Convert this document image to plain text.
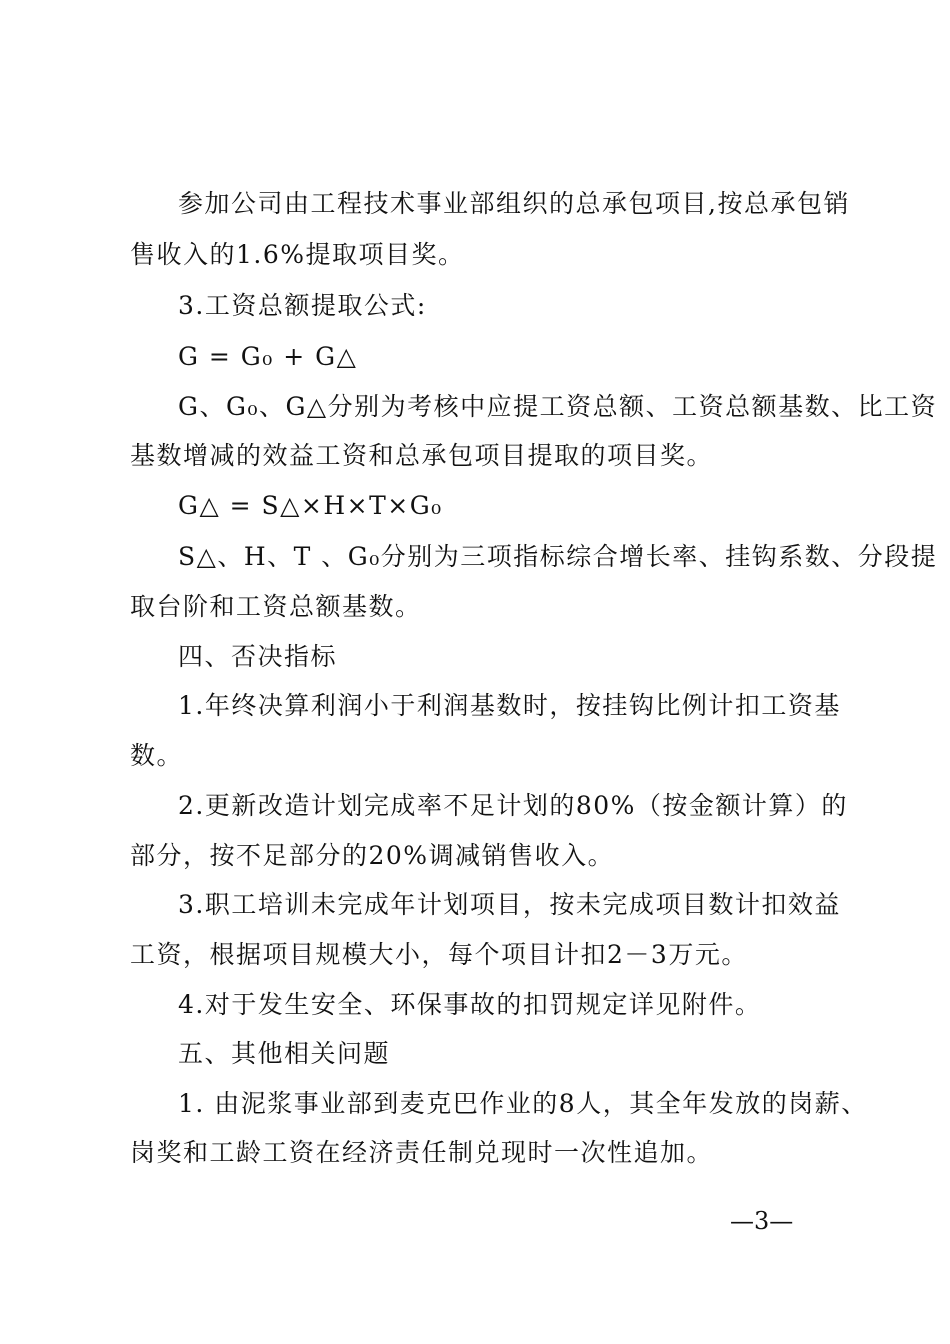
参加公司由工程技术事业部组织的总承包项目,按总承包销
售收入的1.6%提取项目奖。
3.工资总额提取公式:
G = G₀ + G△
G、G₀、G△分别为考核中应提工资总额、工资总额基数、比工资
基数增减的效益工资和总承包项目提取的项目奖。
G△ = S△×H×T×G₀
S△、H、T 、G₀分别为三项指标综合增长率、挂钩系数、分段提
取台阶和工资总额基数。
四、否决指标
1.年终决算利润小于利润基数时，按挂钩比例计扣工资基
数。
2.更新改造计划完成率不足计划的80%（按金额计算）的
部分，按不足部分的20%调减销售收入。
3.职工培训未完成年计划项目，按未完成项目数计扣效益
工资，根据项目规模大小，每个项目计扣2－3万元。
4.对于发生安全、环保事故的扣罚规定详见附件。
五、其他相关问题
1. 由泥浆事业部到麦克巴作业的8人，其全年发放的岗薪、
岗奖和工龄工资在经济责任制兑现时一次性追加。
—3—
